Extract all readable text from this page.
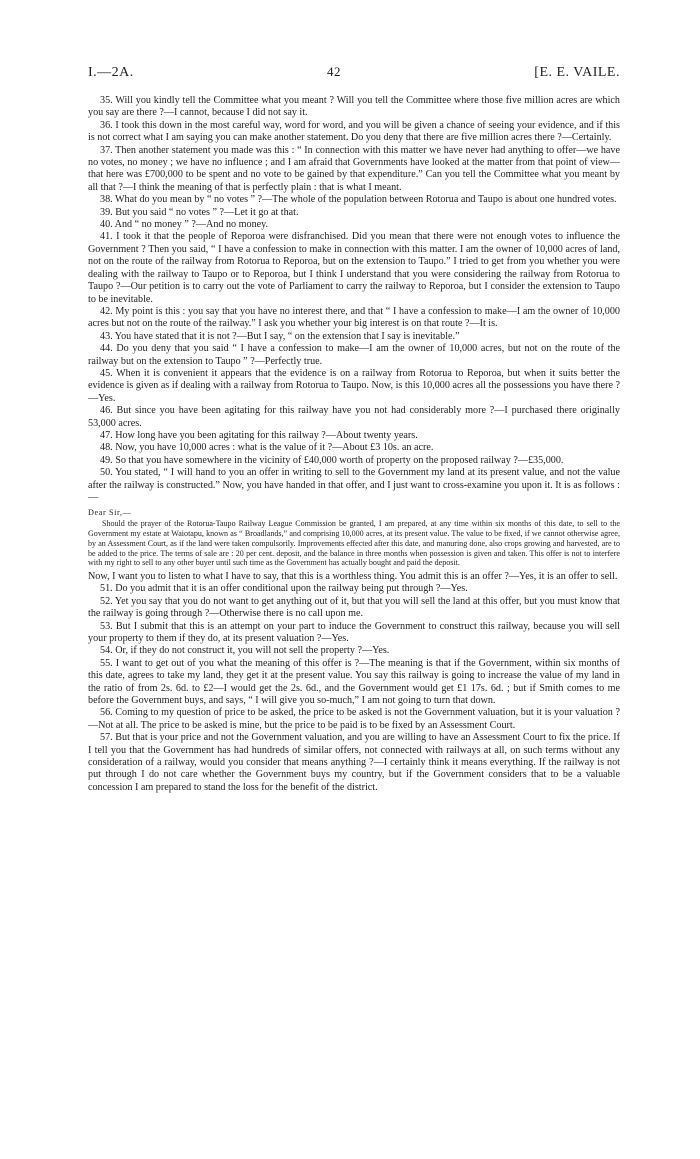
I.—2A.	42	[E. E. VAILE.

35. Will you kindly tell the Committee what you meant ? Will you tell the Committee where those five million acres are which you say are there ?—I cannot, because I did not say it.

36. I took this down in the most careful way, word for word, and you will be given a chance of seeing your evidence, and if this is not correct what I am saying you can make another statement. Do you deny that there are five million acres there ?—Certainly.

37. Then another statement you made was this : “ In connection with this matter we have never had anything to offer—we have no votes, no money ; we have no influence ; and I am afraid that Governments have looked at the matter from that point of view—that here was £700,000 to be spent and no vote to be gained by that expenditure.” Can you tell the Committee what you meant by all that ?—I think the meaning of that is perfectly plain : that is what I meant.

38. What do you mean by “ no votes ” ?—The whole of the population between Rotorua and Taupo is about one hundred votes.

39. But you said “ no votes ” ?—Let it go at that.

40. And “ no money ” ?—And no money.

41. I took it that the people of Reporoa were disfranchised. Did you mean that there were not enough votes to influence the Government ? Then you said, “ I have a confession to make in connection with this matter. I am the owner of 10,000 acres of land, not on the route of the railway from Rotorua to Reporoa, but on the extension to Taupo.” I tried to get from you whether you were dealing with the railway to Taupo or to Reporoa, but I think I understand that you were considering the railway from Rotorua to Taupo ?—Our petition is to carry out the vote of Parliament to carry the railway to Reporoa, but I consider the extension to Taupo to be inevitable.

42. My point is this : you say that you have no interest there, and that “ I have a confession to make—I am the owner of 10,000 acres but not on the route of the railway.” I ask you whether your big interest is on that route ?—It is.

43. You have stated that it is not ?—But I say, “ on the extension that I say is inevitable.”

44. Do you deny that you said “ I have a confession to make—I am the owner of 10,000 acres, but not on the route of the railway but on the extension to Taupo ” ?—Perfectly true.

45. When it is convenient it appears that the evidence is on a railway from Rotorua to Reporoa, but when it suits better the evidence is given as if dealing with a railway from Rotorua to Taupo. Now, is this 10,000 acres all the possessions you have there ?—Yes.

46. But since you have been agitating for this railway have you not had considerably more ?—I purchased there originally 53,000 acres.

47. How long have you been agitating for this railway ?—About twenty years.

48. Now, you have 10,000 acres : what is the value of it ?—About £3 10s. an acre.

49. So that you have somewhere in the vicinity of £40,000 worth of property on the proposed railway ?—£35,000.

50. You stated, “ I will hand to you an offer in writing to sell to the Government my land at its present value, and not the value after the railway is constructed.” Now, you have handed in that offer, and I just want to cross-examine you upon it. It is as follows :—

Dear Sir,—

Should the prayer of the Rotorua-Taupo Railway League Commission be granted, I am prepared, at any time within six months of this date, to sell to the Government my estate at Waiotapu, known as “ Broadlands,” and comprising 10,000 acres, at its present value. The value to be fixed, if we cannot otherwise agree, by an Assessment Court, as if the land were taken compulsorily. Improvements effected after this date, and manuring done, also crops growing and harvested, are to be added to the price. The terms of sale are : 20 per cent. deposit, and the balance in three months when possession is given and taken. This offer is not to interfere with my right to sell to any other buyer until such time as the Government has actually bought and paid the deposit.

Now, I want you to listen to what I have to say, that this is a worthless thing. You admit this is an offer ?—Yes, it is an offer to sell.

51. Do you admit that it is an offer conditional upon the railway being put through ?—Yes.

52. Yet you say that you do not want to get anything out of it, but that you will sell the land at this offer, but you must know that the railway is going through ?—Otherwise there is no call upon me.

53. But I submit that this is an attempt on your part to induce the Government to construct this railway, because you will sell your property to them if they do, at its present valuation ?—Yes.

54. Or, if they do not construct it, you will not sell the property ?—Yes.

55. I want to get out of you what the meaning of this offer is ?—The meaning is that if the Government, within six months of this date, agrees to take my land, they get it at the present value. You say this railway is going to increase the value of my land in the ratio of from 2s. 6d. to £2—I would get the 2s. 6d., and the Government would get £1 17s. 6d. ; but if Smith comes to me before the Government buys, and says, “ I will give you so-much,” I am not going to turn that down.

56. Coming to my question of price to be asked, the price to be asked is not the Government valuation, but it is your valuation ?—Not at all. The price to be asked is mine, but the price to be paid is to be fixed by an Assessment Court.

57. But that is your price and not the Government valuation, and you are willing to have an Assessment Court to fix the price. If I tell you that the Government has had hundreds of similar offers, not connected with railways at all, on such terms without any consideration of a railway, would you consider that means anything ?—I certainly think it means everything. If the railway is not put through I do not care whether the Government buys my country, but if the Government considers that to be a valuable concession I am prepared to stand the loss for the benefit of the district.
